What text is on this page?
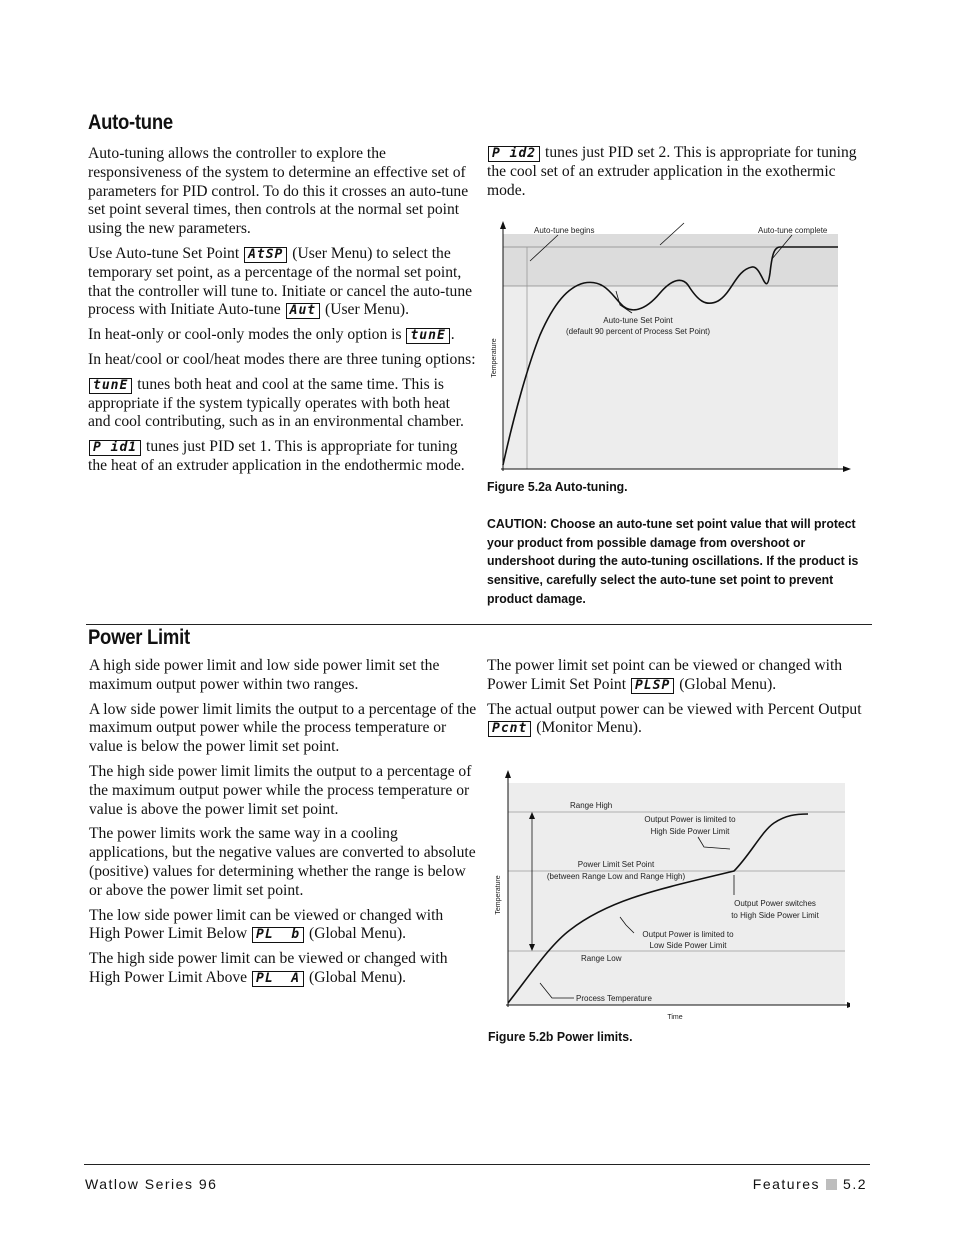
Auto-tune

Auto-tuning allows the controller to explore the responsiveness of the system to determine an effective set of parameters for PID control. To do this it crosses an auto-tune set point several times, then controls at the normal set point using the new parameters.

Use Auto-tune Set Point AtSP (User Menu) to select the temporary set point, as a percentage of the normal set point, that the controller will tune to. Initiate or cancel the auto-tune process with Initiate Auto-tune Aut (User Menu).

In heat-only or cool-only modes the only option is tunE .

In heat/cool or cool/heat modes there are three tuning options:

tunE tunes both heat and cool at the same time. This is appropriate if the system typically operates with both heat and cool contributing, such as in an environmental chamber.

P id1 tunes just PID set 1. This is appropriate for tuning the heat of an extruder application in the endothermic mode.

P id2 tunes just PID set 2. This is appropriate for tuning the cool set of an extruder application in the exothermic mode.

Auto-tune begins	Auto-tune complete
Auto-tune Set Point
(default 90 percent of Process Set Point)
Temperature
Figure 5.2a Auto-tuning.
CAUTION: Choose an auto-tune set point value that will protect your product from possible damage from overshoot or undershoot during the auto-tuning oscillations. If the product is sensitive, carefully select the auto-tune set point to prevent product damage.
Power Limit

A high side power limit and low side power limit set the maximum output power within two ranges.

A low side power limit limits the output to a percentage of the maximum output power while the process temperature or value is below the power limit set point.

The high side power limit limits the output to a percentage of the maximum output power while the process temperature or value is above the power limit set point.

The power limits work the same way in a cooling applications, but the negative values are converted to absolute (positive) values for determining whether the range is below or above the power limit set point.

The low side power limit can be viewed or changed with High Power Limit Below PL  b (Global Menu).

The high side power limit can be viewed or changed with High Power Limit Above PL  A (Global Menu).

The power limit set point can be viewed or changed with Power Limit Set Point PLSP (Global Menu).

The actual output power can be viewed with Percent Output Pcnt (Monitor Menu).

Range High
Output Power is limited to
High Side Power Limit
Power Limit Set Point
(between Range Low and Range High)
Output Power switches
to High Side Power Limit
Output Power is limited to
Low Side Power Limit
Range Low
Process Temperature
Temperature
Time
Figure 5.2b Power limits.
Watlow Series 96	Features 5.2
